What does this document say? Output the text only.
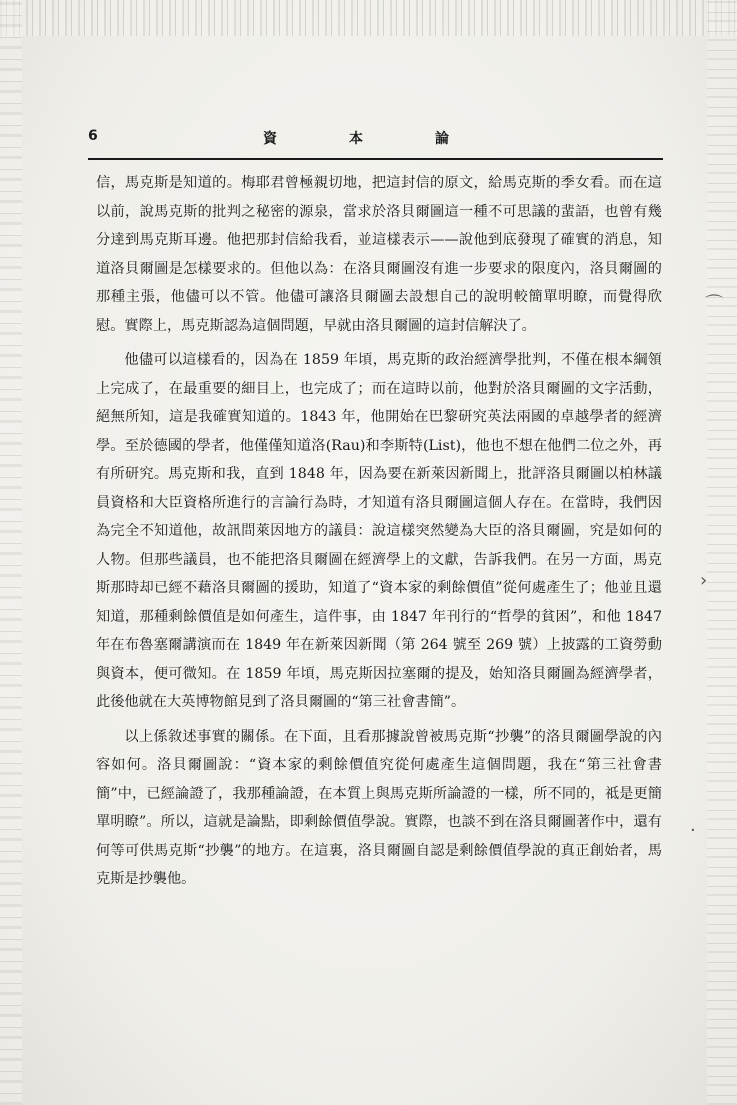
6	資本論

信，馬克斯是知道的。梅耶君曾極親切地，把這封信的原文，給馬克斯的季女看。而在這以前，說馬克斯的批判之秘密的源泉，當求於洛貝爾圖這一種不可思議的蜚語，也曾有幾分達到馬克斯耳邊。他把那封信給我看，並這樣表示——說他到底發現了確實的消息，知道洛貝爾圖是怎樣要求的。但他以為：在洛貝爾圖沒有進一步要求的限度內，洛貝爾圖的那種主張，他儘可以不管。他儘可讓洛貝爾圖去設想自己的說明較簡單明瞭，而覺得欣慰。實際上，馬克斯認為這個問題，早就由洛貝爾圖的這封信解決了。

他儘可以這樣看的，因為在 1859 年頃，馬克斯的政治經濟學批判，不僅在根本綱領上完成了，在最重要的細目上，也完成了；而在這時以前，他對於洛貝爾圖的文字活動，絕無所知，這是我確實知道的。1843 年，他開始在巴黎研究英法兩國的卓越學者的經濟學。至於德國的學者，他僅僅知道洛(Rau)和李斯特(List)，他也不想在他們二位之外，再有所研究。馬克斯和我，直到 1848 年，因為要在新萊因新聞上，批評洛貝爾圖以柏林議員資格和大臣資格所進行的言論行為時，才知道有洛貝爾圖這個人存在。在當時，我們因為完全不知道他，故訊問萊因地方的議員：說這樣突然變為大臣的洛貝爾圖，究是如何的人物。但那些議員，也不能把洛貝爾圖在經濟學上的文獻，告訴我們。在另一方面，馬克斯那時却已經不藉洛貝爾圖的援助，知道了“資本家的剩餘價值”從何處產生了；他並且還知道，那種剩餘價值是如何產生，這件事，由 1847 年刊行的“哲學的貧困”，和他 1847 年在布魯塞爾講演而在 1849 年在新萊因新聞（第 264 號至 269 號）上披露的工資勞動與資本，便可微知。在 1859 年頃，馬克斯因拉塞爾的提及，始知洛貝爾圖為經濟學者，此後他就在大英博物館見到了洛貝爾圖的“第三社會書簡”。

以上係敘述事實的關係。在下面，且看那據說曾被馬克斯“抄襲”的洛貝爾圖學說的內容如何。洛貝爾圖說：“資本家的剩餘價值究從何處產生這個問題，我在“第三社會書簡”中，已經論證了，我那種論證，在本質上與馬克斯所論證的一樣，所不同的，祗是更簡單明瞭”。所以，這就是論點，即剩餘價值學說。實際，也談不到在洛貝爾圖著作中，還有何等可供馬克斯“抄襲”的地方。在這裏，洛貝爾圖自認是剩餘價值學說的真正創始者，馬克斯是抄襲他。

⌒
›
·
